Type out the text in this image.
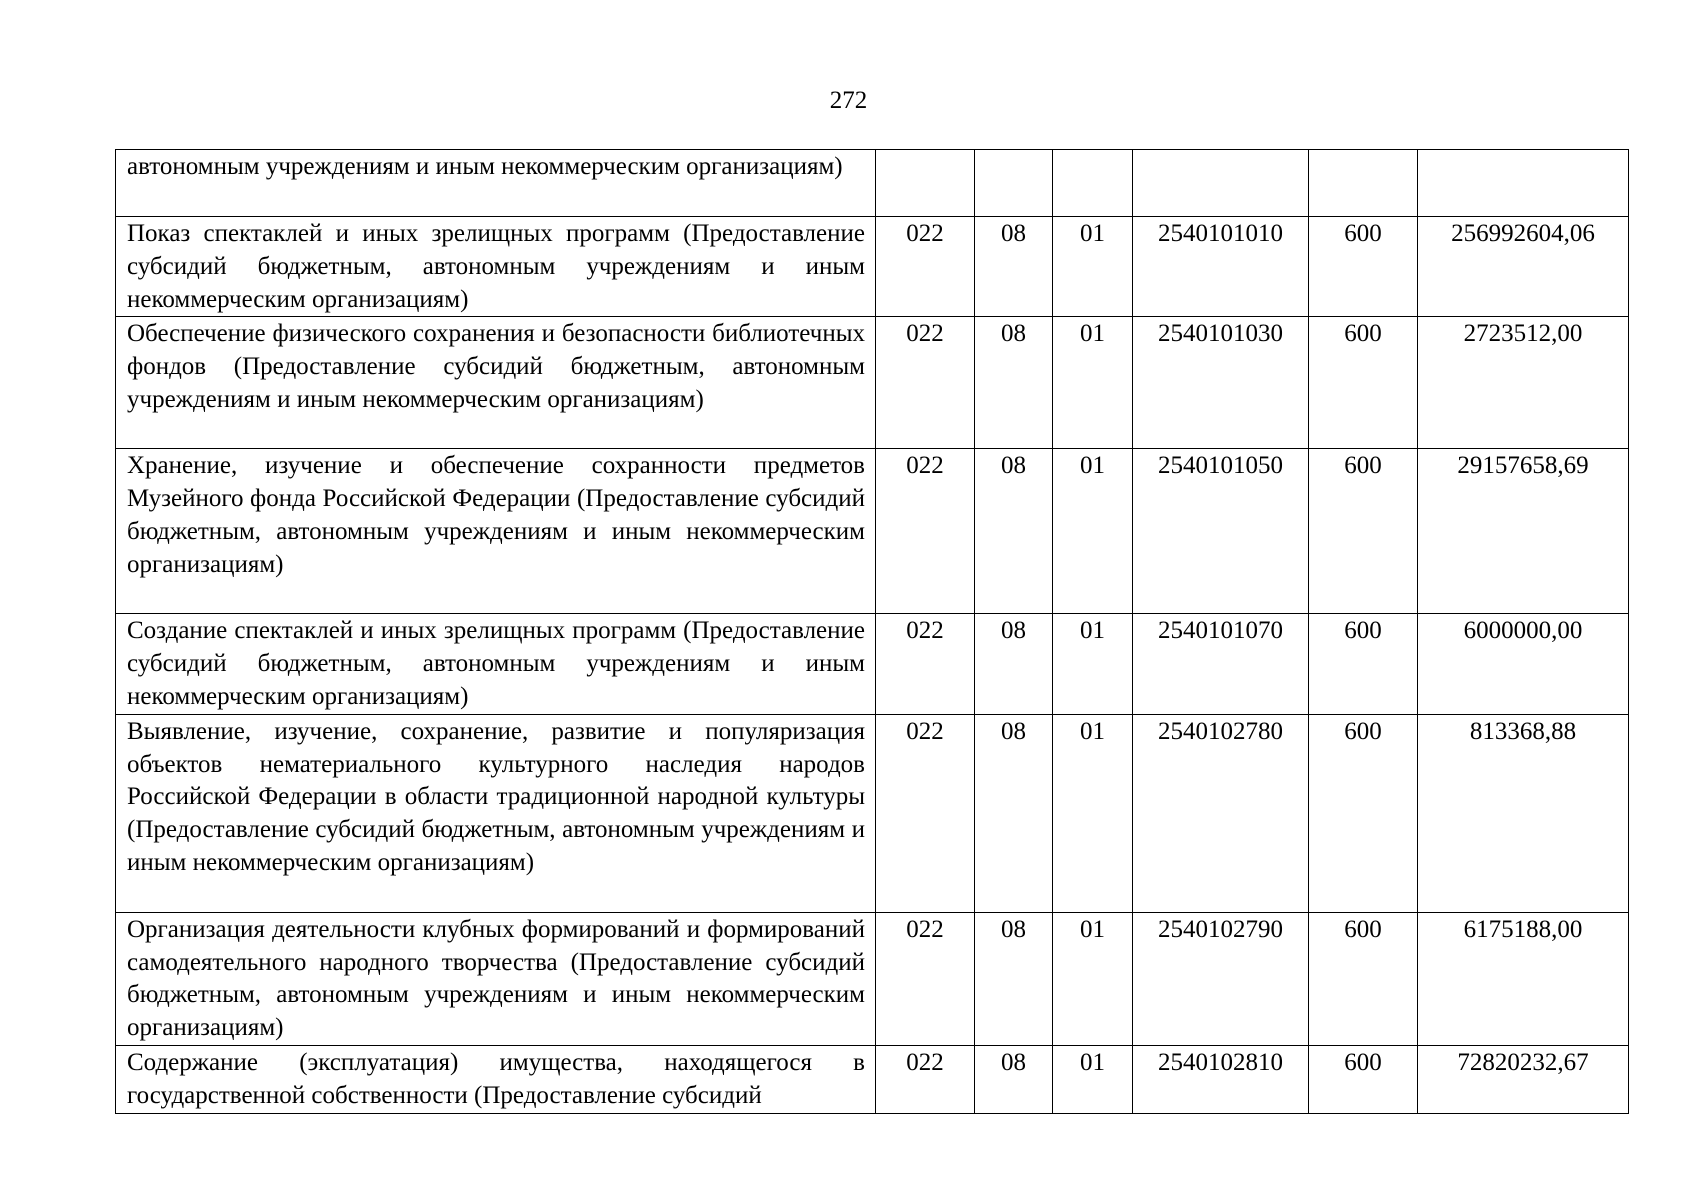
272
автономным учреждениям и иным некоммерческим организациям)						
Показ спектаклей и иных зрелищных программ (Предоставление субсидий бюджетным, автономным учреждениям и иным некоммерческим организациям)	022	08	01	2540101010	600	256992604,06
Обеспечение физического сохранения и безопасности библиотечных фондов (Предоставление субсидий бюджетным, автономным учреждениям и иным некоммерческим организациям)	022	08	01	2540101030	600	2723512,00
Хранение, изучение и обеспечение сохранности предметов Музейного фонда Российской Федерации (Предоставление субсидий бюджетным, автономным учреждениям и иным некоммерческим организациям)	022	08	01	2540101050	600	29157658,69
Создание спектаклей и иных зрелищных программ (Предоставление субсидий бюджетным, автономным учреждениям и иным некоммерческим организациям)	022	08	01	2540101070	600	6000000,00
Выявление, изучение, сохранение, развитие и популяризация объектов нематериального культурного наследия народов Российской Федерации в области традиционной народной культуры (Предоставление субсидий бюджетным, автономным учреждениям и иным некоммерческим организациям)	022	08	01	2540102780	600	813368,88
Организация деятельности клубных формирований и формирований самодеятельного народного творчества (Предоставление субсидий бюджетным, автономным учреждениям и иным некоммерческим организациям)	022	08	01	2540102790	600	6175188,00
Содержание (эксплуатация) имущества, находящегося в государственной собственности (Предоставление субсидий	022	08	01	2540102810	600	72820232,67
